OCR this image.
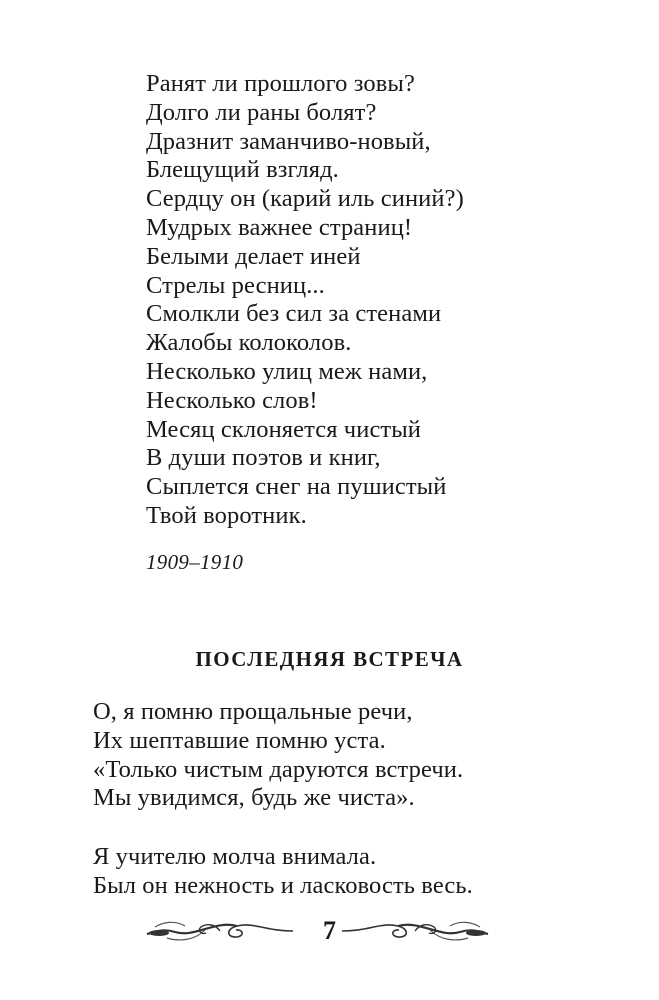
Ранят ли прошлого зовы?
Долго ли раны болят?
Дразнит заманчиво-новый,
Блещущий взгляд.
Сердцу он (карий иль синий?)
Мудрых важнее страниц!
Белыми делает иней
Стрелы ресниц...
Смолкли без сил за стенами
Жалобы колоколов.
Несколько улиц меж нами,
Несколько слов!
Месяц склоняется чистый
В души поэтов и книг,
Сыплется снег на пушистый
Твой воротник.
1909–1910
ПОСЛЕДНЯЯ ВСТРЕЧА
О, я помню прощальные речи,
Их шептавшие помню уста.
«Только чистым даруются встречи.
Мы увидимся, будь же чиста».
Я учителю молча внимала.
Был он нежность и ласковость весь.
7
